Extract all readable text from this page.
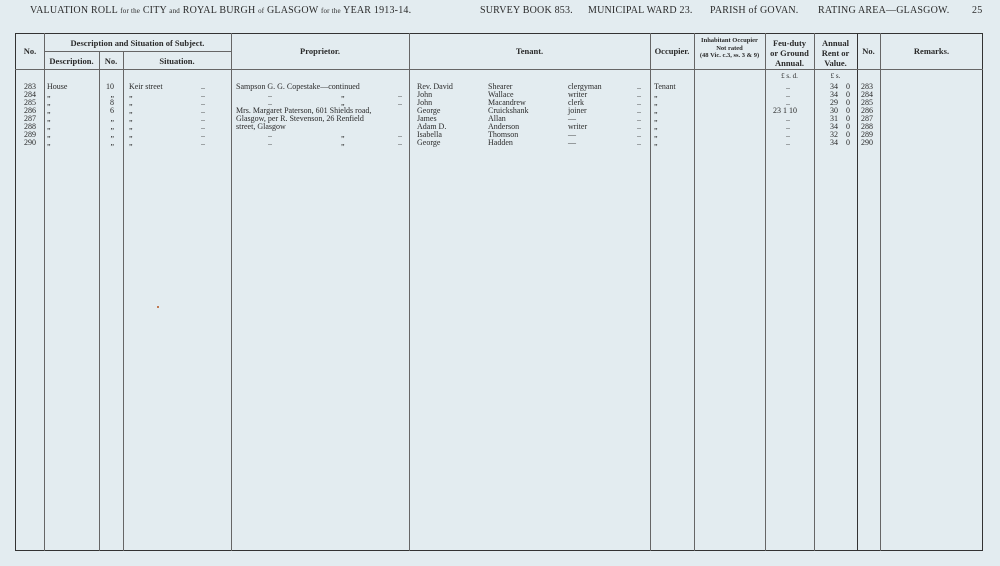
VALUATION ROLL for the CITY and ROYAL BURGH of GLASGOW for the YEAR 1913-14.	SURVEY BOOK 853. MUNICIPAL WARD 23. PARISH of GOVAN. RATING AREA—GLASGOW. 25
No.
Description and Situation of Subject.
Description.	No.	Situation.
Proprietor.	Tenant.	Occupier.
Inhabitant Occupier
Not rated
(48 Vic. c.3, ss. 3 & 9)
Feu-duty
or Ground
Annual.
£ s. d.
Annual
Rent or
Value.
£ s.
No.	Remarks.
283 House	10 Keir street	..	Sampson G. G. Copestake—continued	Rev. David	Shearer	clergyman	.. Tenant	..	34 0 283
284 „	„ „	..	..	„	.. John	Wallace	writer	.. „	..	34 0 284
285 „	8 „	..	..	„	.. John	Macandrew	clerk	.. „	..	29 0 285
286 „	6 „	..	Mrs. Margaret Paterson, 601 Shields road,	George	Cruickshank	joiner	.. „	23 1 10	30 0 286
287 „	„ „	..	Glasgow, per R. Stevenson, 26 Renfield	James	Allan	—	.. „	..	31 0 287
288 „	„ „	..	street, Glasgow	Adam D.	Anderson	writer	.. „	..	34 0 288
289 „	„ „	..	..	„	.. Isabella	Thomson	—	.. „	..	32 0 289
290 „	„ „	..	..	„	.. George	Hadden	—	.. „	..	34 0 290
